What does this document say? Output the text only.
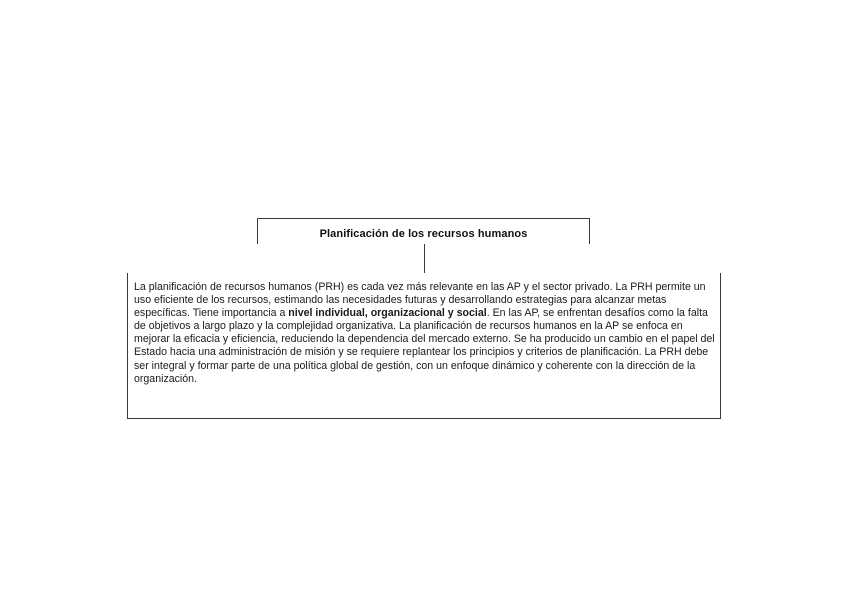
Planificación de los recursos humanos

La planificación de recursos humanos (PRH) es cada vez más relevante en las AP y el sector privado. La PRH permite un uso eficiente de los recursos, estimando las necesidades futuras y desarrollando estrategias para alcanzar metas específicas. Tiene importancia a nivel individual, organizacional y social. En las AP, se enfrentan desafíos como la falta de objetivos a largo plazo y la complejidad organizativa. La planificación de recursos humanos en la AP se enfoca en mejorar la eficacia y eficiencia, reduciendo la dependencia del mercado externo. Se ha producido un cambio en el papel del Estado hacia una administración de misión y se requiere replantear los principios y criterios de planificación. La PRH debe ser integral y formar parte de una política global de gestión, con un enfoque dinámico y coherente con la dirección de la organización.
